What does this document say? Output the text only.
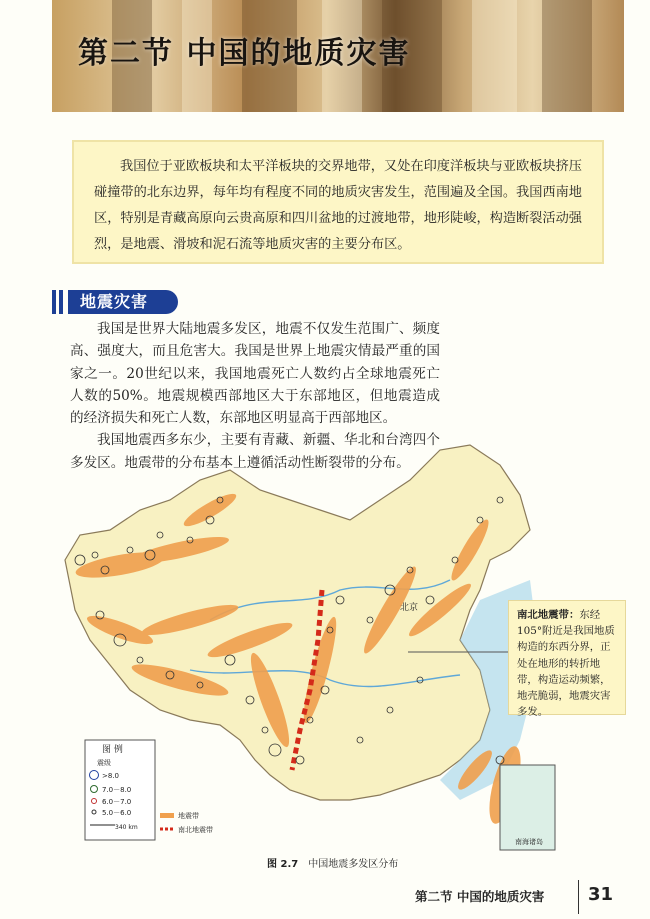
第二节 中国的地质灾害

我国位于亚欧板块和太平洋板块的交界地带，又处在印度洋板块与亚欧板块挤压碰撞带的北东边界，每年均有程度不同的地质灾害发生，范围遍及全国。我国西南地区，特别是青藏高原向云贵高原和四川盆地的过渡地带，地形陡峻，构造断裂活动强烈，是地震、滑坡和泥石流等地质灾害的主要分布区。

地震灾害

我国是世界大陆地震多发区，地震不仅发生范围广、频度高、强度大，而且危害大。我国是世界上地震灾情最严重的国家之一。20世纪以来，我国地震死亡人数约占全球地震死亡人数的50%。地震规模西部地区大于东部地区，但地震造成的经济损失和死亡人数，东部地区明显高于西部地区。

我国地震西多东少，主要有青藏、新疆、华北和台湾四个多发区。地震带的分布基本上遵循活动性断裂带的分布。

北京
南海诸岛
图 例
震级
>8.0
7.0－8.0
6.0－7.0
5.0－6.0
340 km
地震带
南北地震带
南北地震带：东经105°附近是我国地质构造的东西分界，正处在地形的转折地带，构造运动频繁，地壳脆弱，地震灾害多发。
图 2.7 中国地震多发区分布
第二节 中国的地质灾害 31
